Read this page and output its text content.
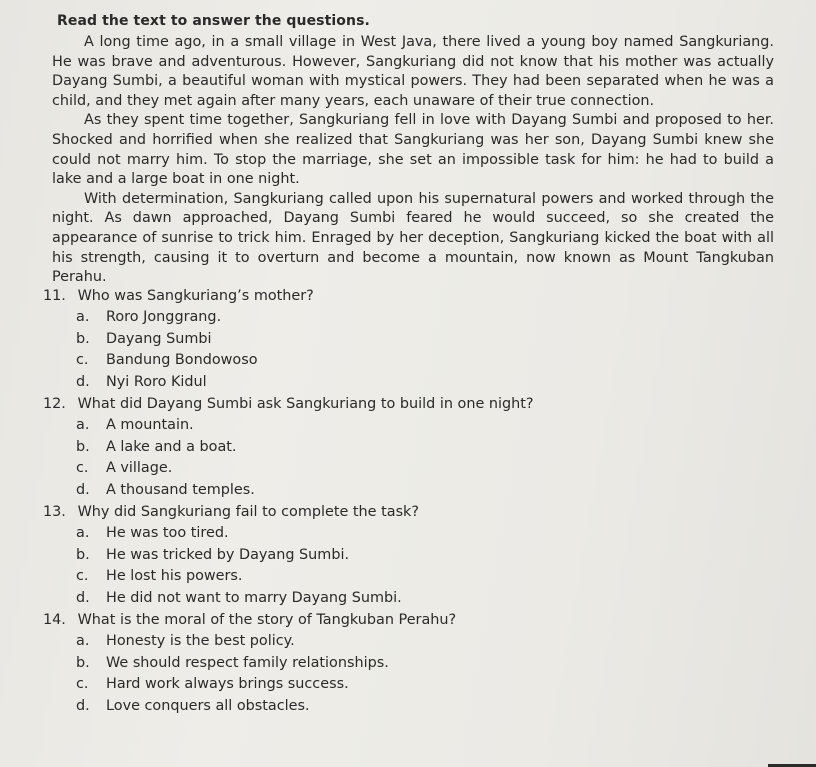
Read the text to answer the questions.

A long time ago, in a small village in West Java, there lived a young boy named Sangkuriang. He was brave and adventurous. However, Sangkuriang did not know that his mother was actually Dayang Sumbi, a beautiful woman with mystical powers. They had been separated when he was a child, and they met again after many years, each unaware of their true connection.

As they spent time together, Sangkuriang fell in love with Dayang Sumbi and proposed to her. Shocked and horrified when she realized that Sangkuriang was her son, Dayang Sumbi knew she could not marry him. To stop the marriage, she set an impossible task for him: he had to build a lake and a large boat in one night.

With determination, Sangkuriang called upon his supernatural powers and worked through the night. As dawn approached, Dayang Sumbi feared he would succeed, so she created the appearance of sunrise to trick him. Enraged by her deception, Sangkuriang kicked the boat with all his strength, causing it to overturn and become a mountain, now known as Mount Tangkuban Perahu.

11. Who was Sangkuriang’s mother?
a. Roro Jonggrang.
b. Dayang Sumbi
c. Bandung Bondowoso
d. Nyi Roro Kidul
12. What did Dayang Sumbi ask Sangkuriang to build in one night?
a. A mountain.
b. A lake and a boat.
c. A village.
d. A thousand temples.
13. Why did Sangkuriang fail to complete the task?
a. He was too tired.
b. He was tricked by Dayang Sumbi.
c. He lost his powers.
d. He did not want to marry Dayang Sumbi.
14. What is the moral of the story of Tangkuban Perahu?
a. Honesty is the best policy.
b. We should respect family relationships.
c. Hard work always brings success.
d. Love conquers all obstacles.
